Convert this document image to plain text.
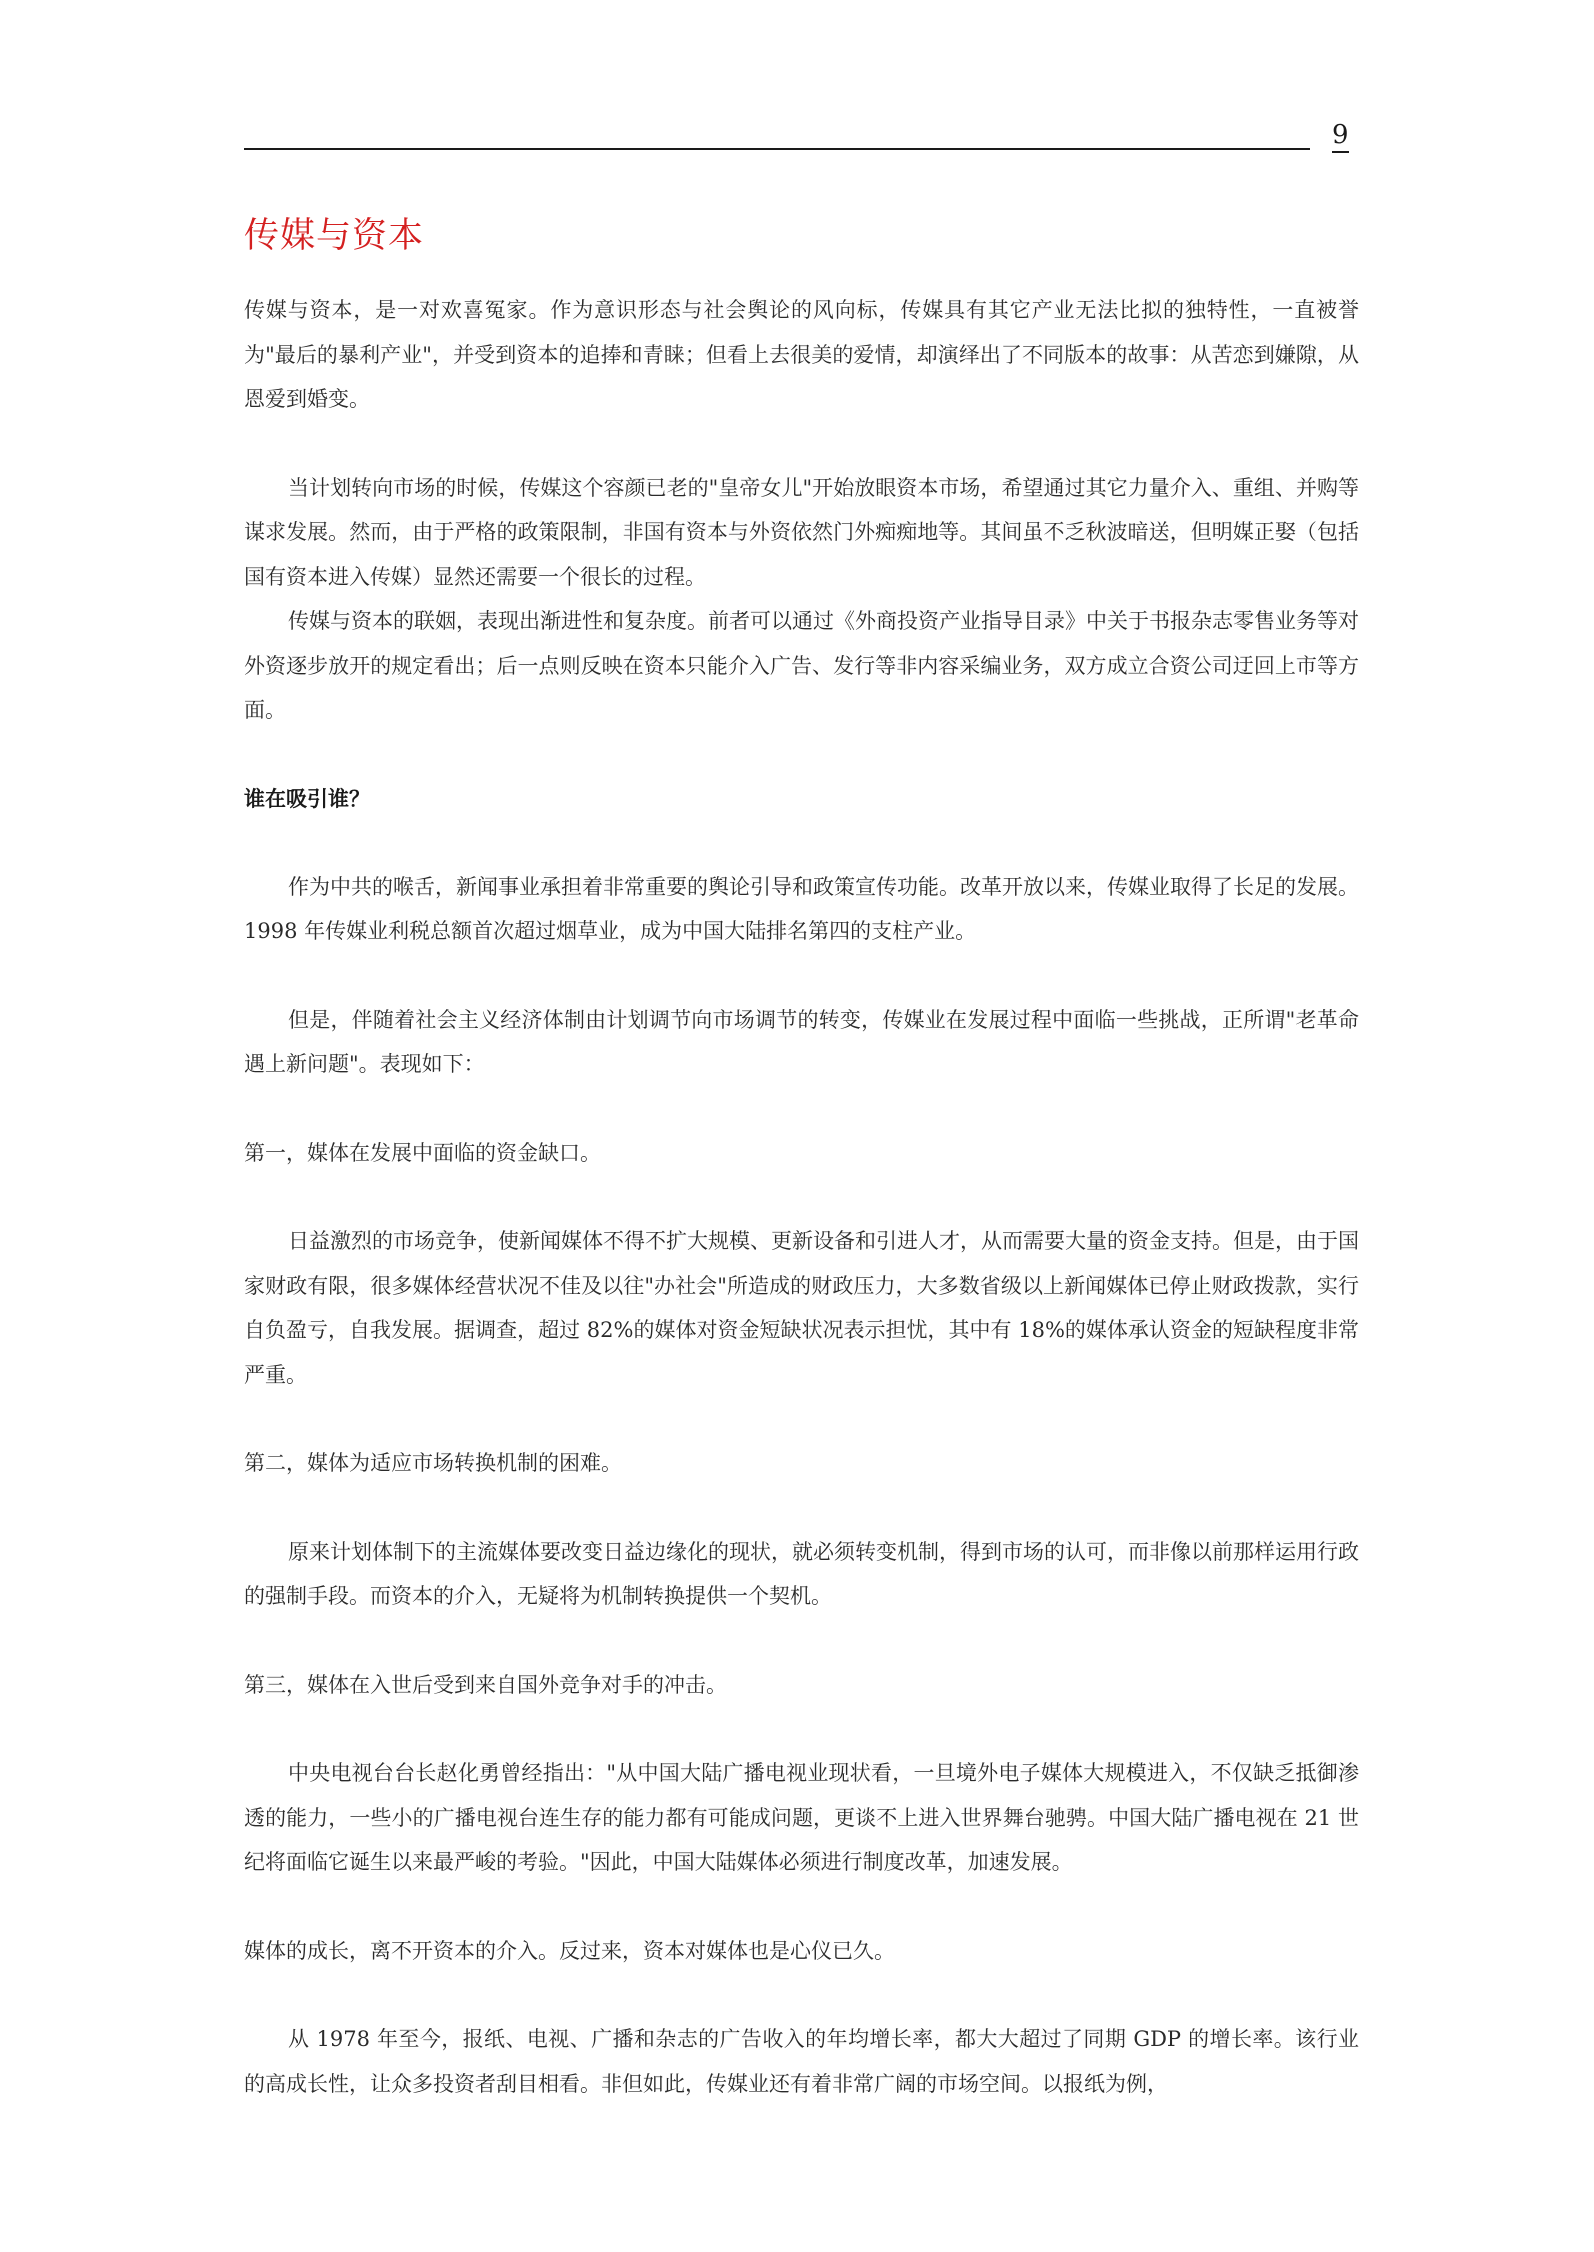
9
传媒与资本

传媒与资本，是一对欢喜冤家。作为意识形态与社会舆论的风向标，传媒具有其它产业无法比拟的独特性，一直被誉为"最后的暴利产业"，并受到资本的追捧和青睐；但看上去很美的爱情，却演绎出了不同版本的故事：从苦恋到嫌隙，从恩爱到婚变。

当计划转向市场的时候，传媒这个容颜已老的"皇帝女儿"开始放眼资本市场，希望通过其它力量介入、重组、并购等谋求发展。然而，由于严格的政策限制，非国有资本与外资依然门外痴痴地等。其间虽不乏秋波暗送，但明媒正娶（包括国有资本进入传媒）显然还需要一个很长的过程。

传媒与资本的联姻，表现出渐进性和复杂度。前者可以通过《外商投资产业指导目录》中关于书报杂志零售业务等对外资逐步放开的规定看出；后一点则反映在资本只能介入广告、发行等非内容采编业务，双方成立合资公司迂回上市等方面。

谁在吸引谁？

作为中共的喉舌，新闻事业承担着非常重要的舆论引导和政策宣传功能。改革开放以来，传媒业取得了长足的发展。1998 年传媒业利税总额首次超过烟草业，成为中国大陆排名第四的支柱产业。

但是，伴随着社会主义经济体制由计划调节向市场调节的转变，传媒业在发展过程中面临一些挑战，正所谓"老革命遇上新问题"。表现如下：

第一，媒体在发展中面临的资金缺口。

日益激烈的市场竞争，使新闻媒体不得不扩大规模、更新设备和引进人才，从而需要大量的资金支持。但是，由于国家财政有限，很多媒体经营状况不佳及以往"办社会"所造成的财政压力，大多数省级以上新闻媒体已停止财政拨款，实行自负盈亏，自我发展。据调查，超过 82%的媒体对资金短缺状况表示担忧，其中有 18%的媒体承认资金的短缺程度非常严重。

第二，媒体为适应市场转换机制的困难。

原来计划体制下的主流媒体要改变日益边缘化的现状，就必须转变机制，得到市场的认可，而非像以前那样运用行政的强制手段。而资本的介入，无疑将为机制转换提供一个契机。

第三，媒体在入世后受到来自国外竞争对手的冲击。

中央电视台台长赵化勇曾经指出："从中国大陆广播电视业现状看，一旦境外电子媒体大规模进入，不仅缺乏抵御渗透的能力，一些小的广播电视台连生存的能力都有可能成问题，更谈不上进入世界舞台驰骋。中国大陆广播电视在 21 世纪将面临它诞生以来最严峻的考验。"因此，中国大陆媒体必须进行制度改革，加速发展。

媒体的成长，离不开资本的介入。反过来，资本对媒体也是心仪已久。

从 1978 年至今，报纸、电视、广播和杂志的广告收入的年均增长率，都大大超过了同期 GDP 的增长率。该行业的高成长性，让众多投资者刮目相看。非但如此，传媒业还有着非常广阔的市场空间。以报纸为例，
